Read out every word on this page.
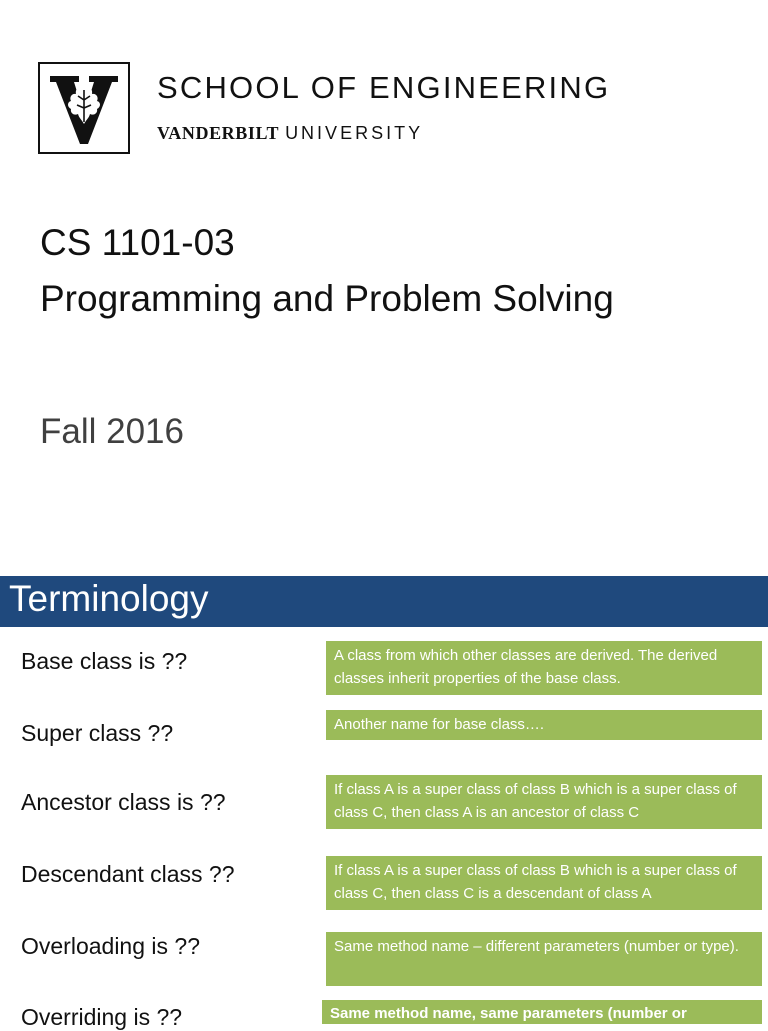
SCHOOL OF ENGINEERING
VANDERBILT UNIVERSITY
CS 1101-03
Programming and Problem Solving
Fall 2016
Terminology
Base class is ??	A class from which other classes are derived. The derived classes inherit properties of the base class.
Super class ??	Another name for base class….
Ancestor class is ??	If class A is a super class of class B which is a super class of class C, then class A is an ancestor of class C
Descendant class ??	If class A is a super class of class B which is a super class of class C, then class C is a descendant of class A
Overloading is ??	Same method name – different parameters (number or type).
Overriding is ??	Same method name, same parameters (number or
